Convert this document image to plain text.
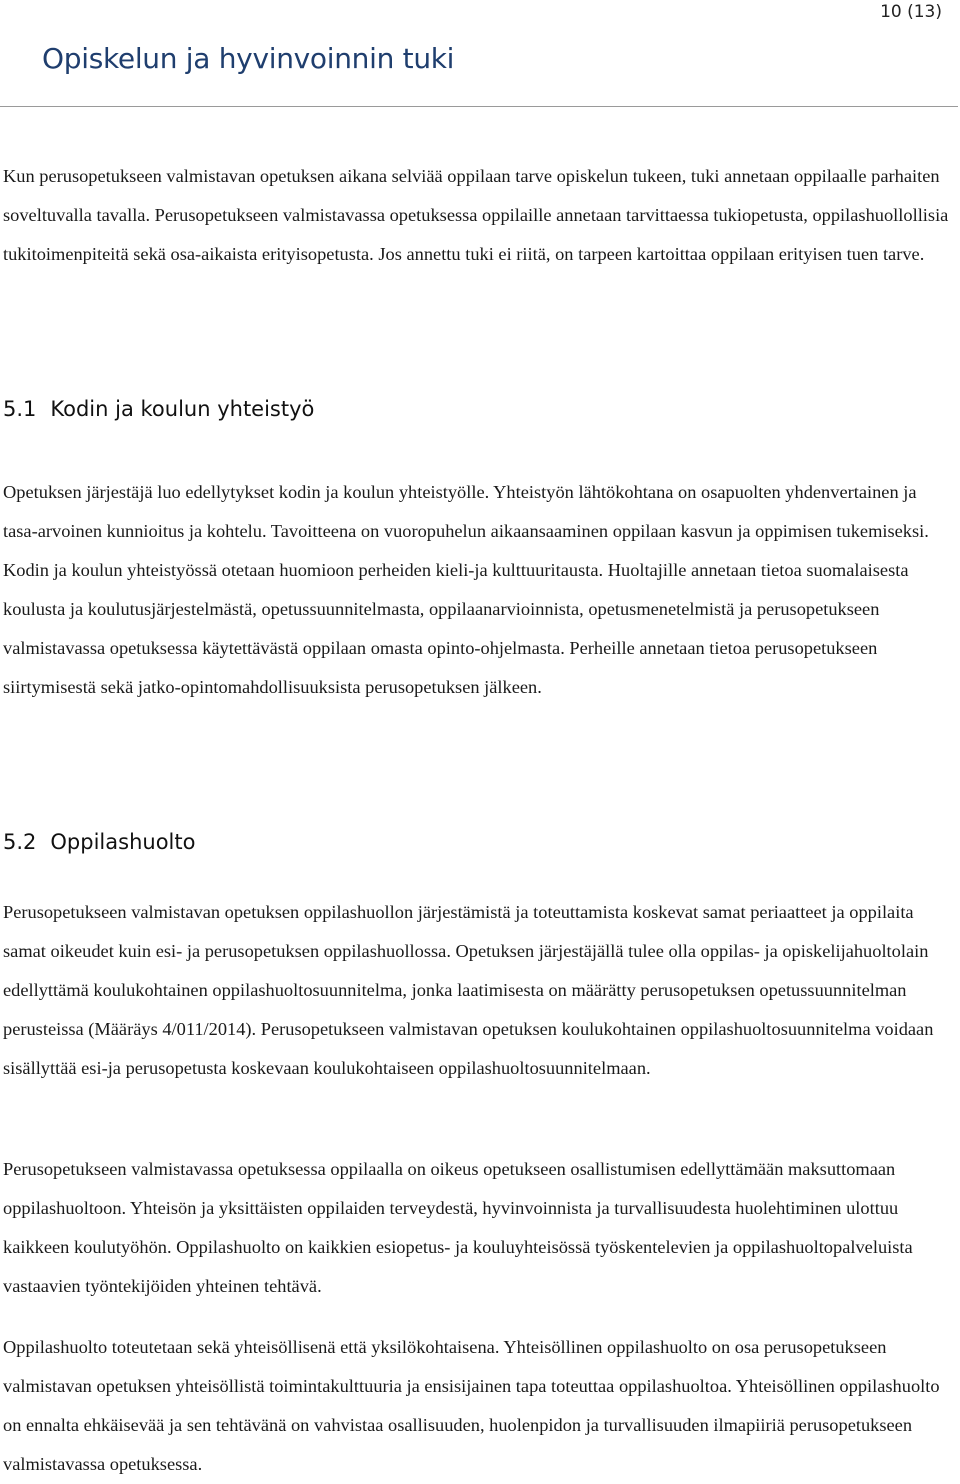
10 (13)
Opiskelun ja hyvinvoinnin tuki

Kun perusopetukseen valmistavan opetuksen aikana selviää oppilaan tarve opiskelun tukeen, tuki annetaan oppilaalle parhaiten soveltuvalla tavalla. Perusopetukseen valmistavassa opetuksessa oppilaille annetaan tarvittaessa tukiopetusta, oppilashuollollisia tukitoimenpiteitä sekä osa-aikaista erityisopetusta. Jos annettu tuki ei riitä, on tarpeen kartoittaa oppilaan erityisen tuen tarve.

5.1 Kodin ja koulun yhteistyö

Opetuksen järjestäjä luo edellytykset kodin ja koulun yhteistyölle. Yhteistyön lähtökohtana on osapuolten yhdenvertainen ja tasa-arvoinen kunnioitus ja kohtelu. Tavoitteena on vuoropuhelun aikaansaaminen oppilaan kasvun ja oppimisen tukemiseksi. Kodin ja koulun yhteistyössä otetaan huomioon perheiden kieli-ja kulttuuritausta. Huoltajille annetaan tietoa suomalaisesta koulusta ja koulutusjärjestelmästä, opetussuunnitelmasta, oppilaanarvioinnista, opetusmenetelmistä ja perusopetukseen valmistavassa opetuksessa käytettävästä oppilaan omasta opinto-ohjelmasta. Perheille annetaan tietoa perusopetukseen siirtymisestä sekä jatko-opintomahdollisuuksista perusopetuksen jälkeen.

5.2 Oppilashuolto

Perusopetukseen valmistavan opetuksen oppilashuollon järjestämistä ja toteuttamista koskevat samat periaatteet ja oppilaita samat oikeudet kuin esi- ja perusopetuksen oppilashuollossa. Opetuksen järjestäjällä tulee olla oppilas- ja opiskelijahuoltolain edellyttämä koulukohtainen oppilashuoltosuunnitelma, jonka laatimisesta on määrätty perusopetuksen opetussuunnitelman perusteissa (Määräys 4/011/2014). Perusopetukseen valmistavan opetuksen koulukohtainen oppilashuoltosuunnitelma voidaan sisällyttää esi-ja perusopetusta koskevaan koulukohtaiseen oppilashuoltosuunnitelmaan.

Perusopetukseen valmistavassa opetuksessa oppilaalla on oikeus opetukseen osallistumisen edellyttämään maksuttomaan oppilashuoltoon. Yhteisön ja yksittäisten oppilaiden terveydestä, hyvinvoinnista ja turvallisuudesta huolehtiminen ulottuu kaikkeen koulutyöhön. Oppilashuolto on kaikkien esiopetus- ja kouluyhteisössä työskentelevien ja oppilashuoltopalveluista vastaavien työntekijöiden yhteinen tehtävä.

Oppilashuolto toteutetaan sekä yhteisöllisenä että yksilökohtaisena. Yhteisöllinen oppilashuolto on osa perusopetukseen valmistavan opetuksen yhteisöllistä toimintakulttuuria ja ensisijainen tapa toteuttaa oppilashuoltoa. Yhteisöllinen oppilashuolto on ennalta ehkäisevää ja sen tehtävänä on vahvistaa osallisuuden, huolenpidon ja turvallisuuden ilmapiiriä perusopetukseen valmistavassa opetuksessa.
